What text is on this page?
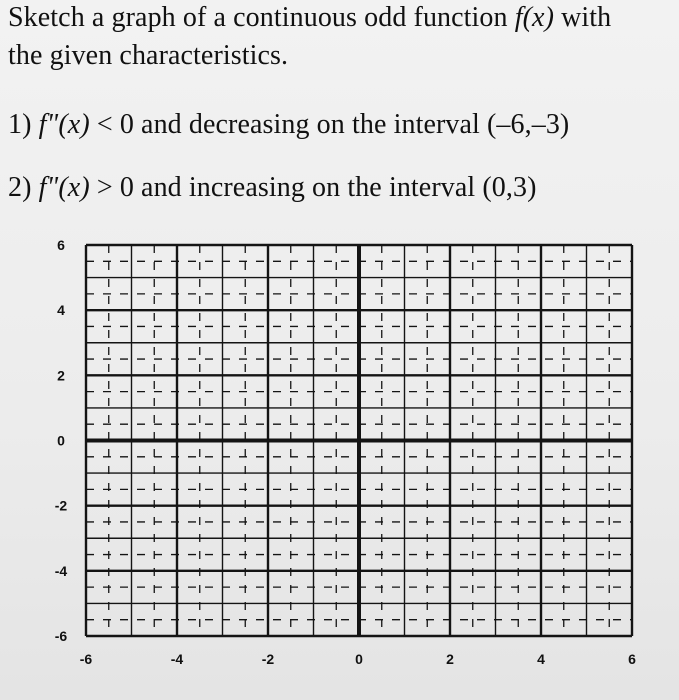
Sketch a graph of a continuous odd function f(x) with
the given characteristics.
1) f"(x) < 0 and decreasing on the interval (–6,–3)
2) f"(x) > 0 and increasing on the interval (0,3)
-6	-4	-2	0	2	4	6
6
4
2
0
-2
-4
-6
